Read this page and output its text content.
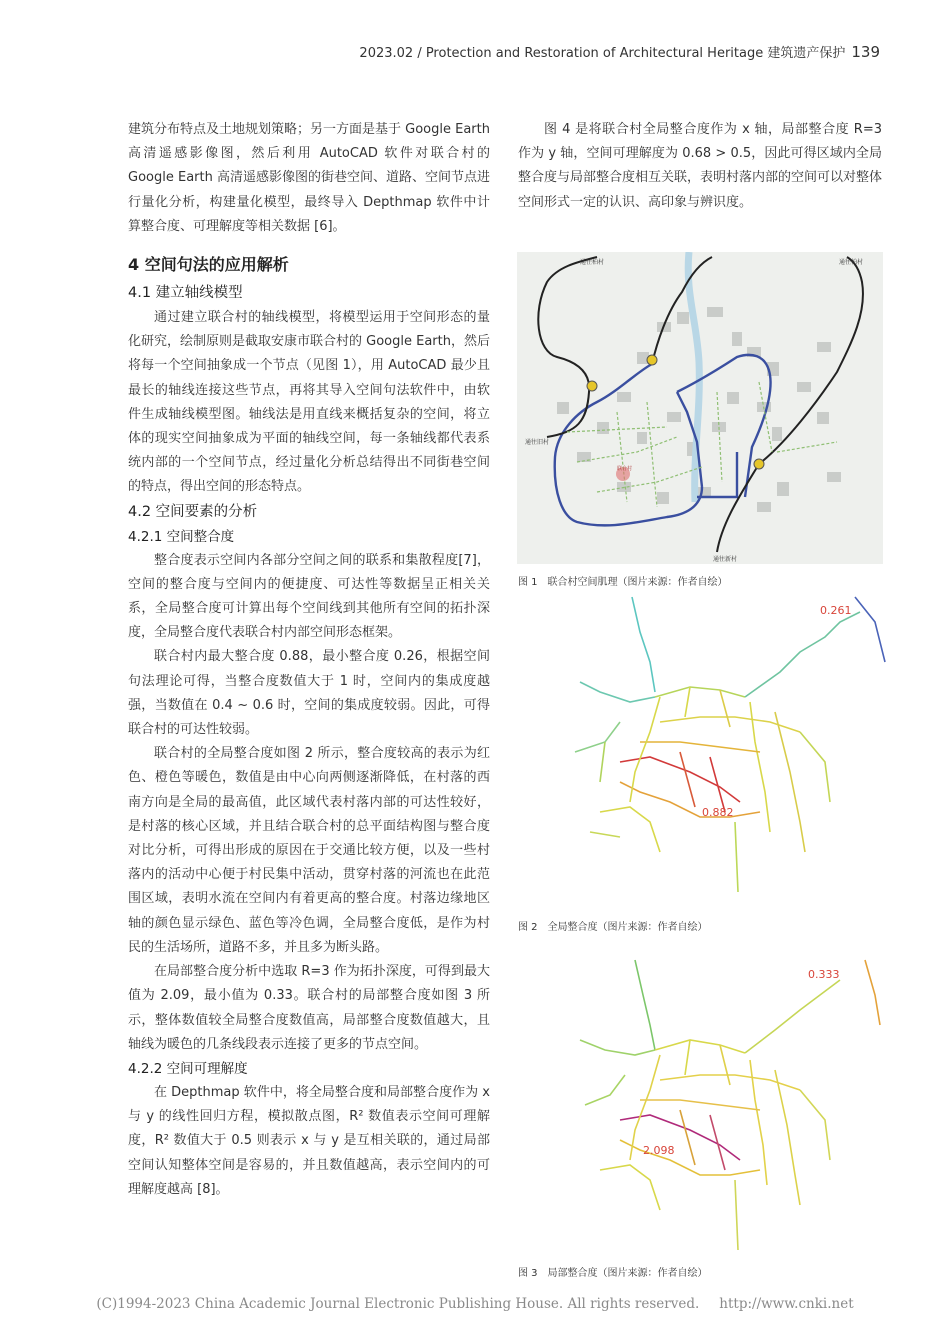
2023.02 / Protection and Restoration of Architectural Heritage 建筑遗产保护 139

建筑分布特点及土地规划策略；另一方面是基于 Google Earth 高清遥感影像图，然后利用 AutoCAD 软件对联合村的 Google Earth 高清遥感影像图的街巷空间、道路、空间节点进行量化分析，构建量化模型，最终导入 Depthmap 软件中计算整合度、可理解度等相关数据 [6]。

4 空间句法的应用解析
4.1 建立轴线模型

通过建立联合村的轴线模型，将模型运用于空间形态的量化研究，绘制原则是截取安康市联合村的 Google Earth，然后将每一个空间抽象成一个节点（见图 1），用 AutoCAD 最少且最长的轴线连接这些节点，再将其导入空间句法软件中，由软件生成轴线模型图。轴线法是用直线来概括复杂的空间，将立体的现实空间抽象成为平面的轴线空间，每一条轴线都代表系统内部的一个空间节点，经过量化分析总结得出不同街巷空间的特点，得出空间的形态特点。

4.2 空间要素的分析
4.2.1 空间整合度

整合度表示空间内各部分空间之间的联系和集散程度[7]，空间的整合度与空间内的便捷度、可达性等数据呈正相关关系，全局整合度可计算出每个空间线到其他所有空间的拓扑深度，全局整合度代表联合村内部空间形态框架。

联合村内最大整合度 0.88，最小整合度 0.26，根据空间句法理论可得，当整合度数值大于 1 时，空间内的集成度越强，当数值在 0.4 ~ 0.6 时，空间的集成度较弱。因此，可得联合村的可达性较弱。

联合村的全局整合度如图 2 所示，整合度较高的表示为红色、橙色等暖色，数值是由中心向两侧逐渐降低，在村落的西南方向是全局的最高值，此区域代表村落内部的可达性较好，是村落的核心区域，并且结合联合村的总平面结构图与整合度对比分析，可得出形成的原因在于交通比较方便，以及一些村落内的活动中心便于村民集中活动，贯穿村落的河流也在此范围区域，表明水流在空间内有着更高的整合度。村落边缘地区轴的颜色显示绿色、蓝色等冷色调，全局整合度低，是作为村民的生活场所，道路不多，并且多为断头路。

在局部整合度分析中选取 R=3 作为拓扑深度，可得到最大值为 2.09，最小值为 0.33。联合村的局部整合度如图 3 所示，整体数值较全局整合度数值高，局部整合度数值越大，且轴线为暖色的几条线段表示连接了更多的节点空间。

4.2.2 空间可理解度

在 Depthmap 软件中，将全局整合度和局部整合度作为 x 与 y 的线性回归方程，模拟散点图，R² 数值表示空间可理解度，R² 数值大于 0.5 则表示 x 与 y 是互相关联的，通过局部空间认知整体空间是容易的，并且数值越高，表示空间内的可理解度越高 [8]。

图 4 是将联合村全局整合度作为 x 轴，局部整合度 R=3 作为 y 轴，空间可理解度为 0.68 > 0.5，因此可得区域内全局整合度与局部整合度相互关联，表明村落内部的空间可以对整体空间形式一定的认识、高印象与辨识度。

通往柏村	通往柏村
通往旧村
通往新村
联合村
图 1　联合村空间肌理（图片来源：作者自绘）
0.261
0.882
图 2　全局整合度（图片来源：作者自绘）
0.333
2.098
图 3　局部整合度（图片来源：作者自绘）
(C)1994-2023 China Academic Journal Electronic Publishing House. All rights reserved. http://www.cnki.net
